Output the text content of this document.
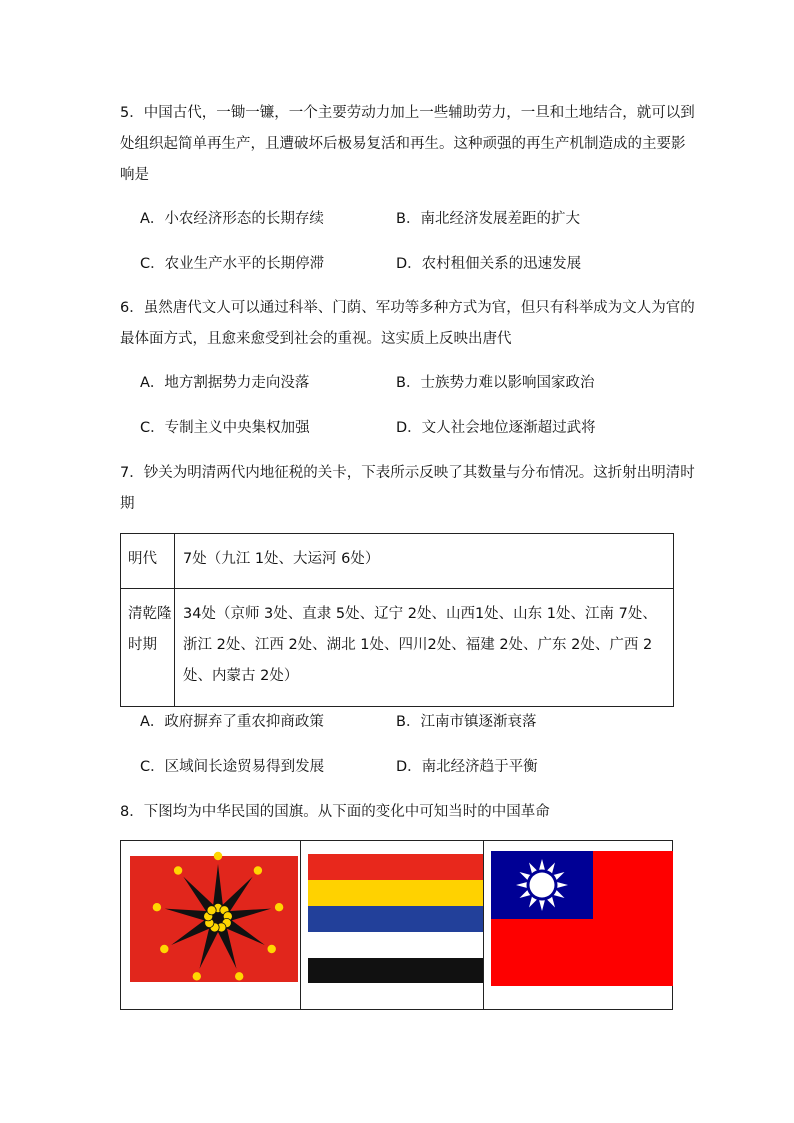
5．中国古代，一锄一镰，一个主要劳动力加上一些辅助劳力，一旦和土地结合，就可以到
处组织起简单再生产，且遭破坏后极易复活和再生。这种顽强的再生产机制造成的主要影
响是
A．小农经济形态的长期存续	B．南北经济发展差距的扩大
C．农业生产水平的长期停滞	D．农村租佃关系的迅速发展
6．虽然唐代文人可以通过科举、门荫、军功等多种方式为官，但只有科举成为文人为官的
最体面方式，且愈来愈受到社会的重视。这实质上反映出唐代
A．地方割据势力走向没落	B．士族势力难以影响国家政治
C．专制主义中央集权加强	D．文人社会地位逐渐超过武将
7．钞关为明清两代内地征税的关卡，下表所示反映了其数量与分布情况。这折射出明清时
期
明代	7处（九江 1处、大运河 6处）
清乾隆时期	34处（京师 3处、直隶 5处、辽宁 2处、山西1处、山东 1处、江南 7处、浙江 2处、江西 2处、湖北 1处、四川2处、福建 2处、广东 2处、广西 2处、内蒙古 2处）
A．政府摒弃了重农抑商政策	B．江南市镇逐渐衰落
C．区域间长途贸易得到发展	D．南北经济趋于平衡
8．下图均为中华民国的国旗。从下面的变化中可知当时的中国革命
